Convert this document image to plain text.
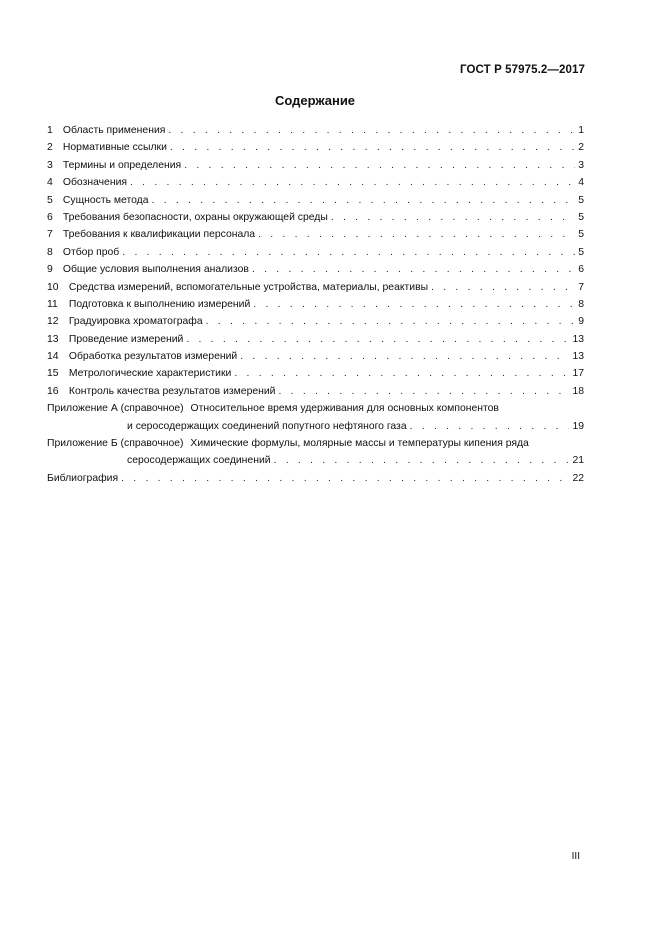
ГОСТ Р 57975.2—2017
Содержание
1 Область применения . . .	1
2 Нормативные ссылки . . .	2
3 Термины и определения . . .	3
4 Обозначения . . .	4
5 Сущность метода . . .	5
6 Требования безопасности, охраны окружающей среды . . .	5
7 Требования к квалификации персонала . . .	5
8 Отбор проб . . .	5
9 Общие условия выполнения анализов . . .	6
10 Средства измерений, вспомогательные устройства, материалы, реактивы . . .	7
11 Подготовка к выполнению измерений . . .	8
12 Градуировка хроматографа . . .	9
13 Проведение измерений . . .	13
14 Обработка результатов измерений . . .	13
15 Метрологические характеристики . . .	17
16 Контроль качества результатов измерений . . .	18
Приложение А (справочное) Относительное время удерживания для основных компонентов
и серосодержащих соединений попутного нефтяного газа . . .	19
Приложение Б (справочное) Химические формулы, молярные массы и температуры кипения ряда
серосодержащих соединений . . .	21
Библиография . . .	22
III
